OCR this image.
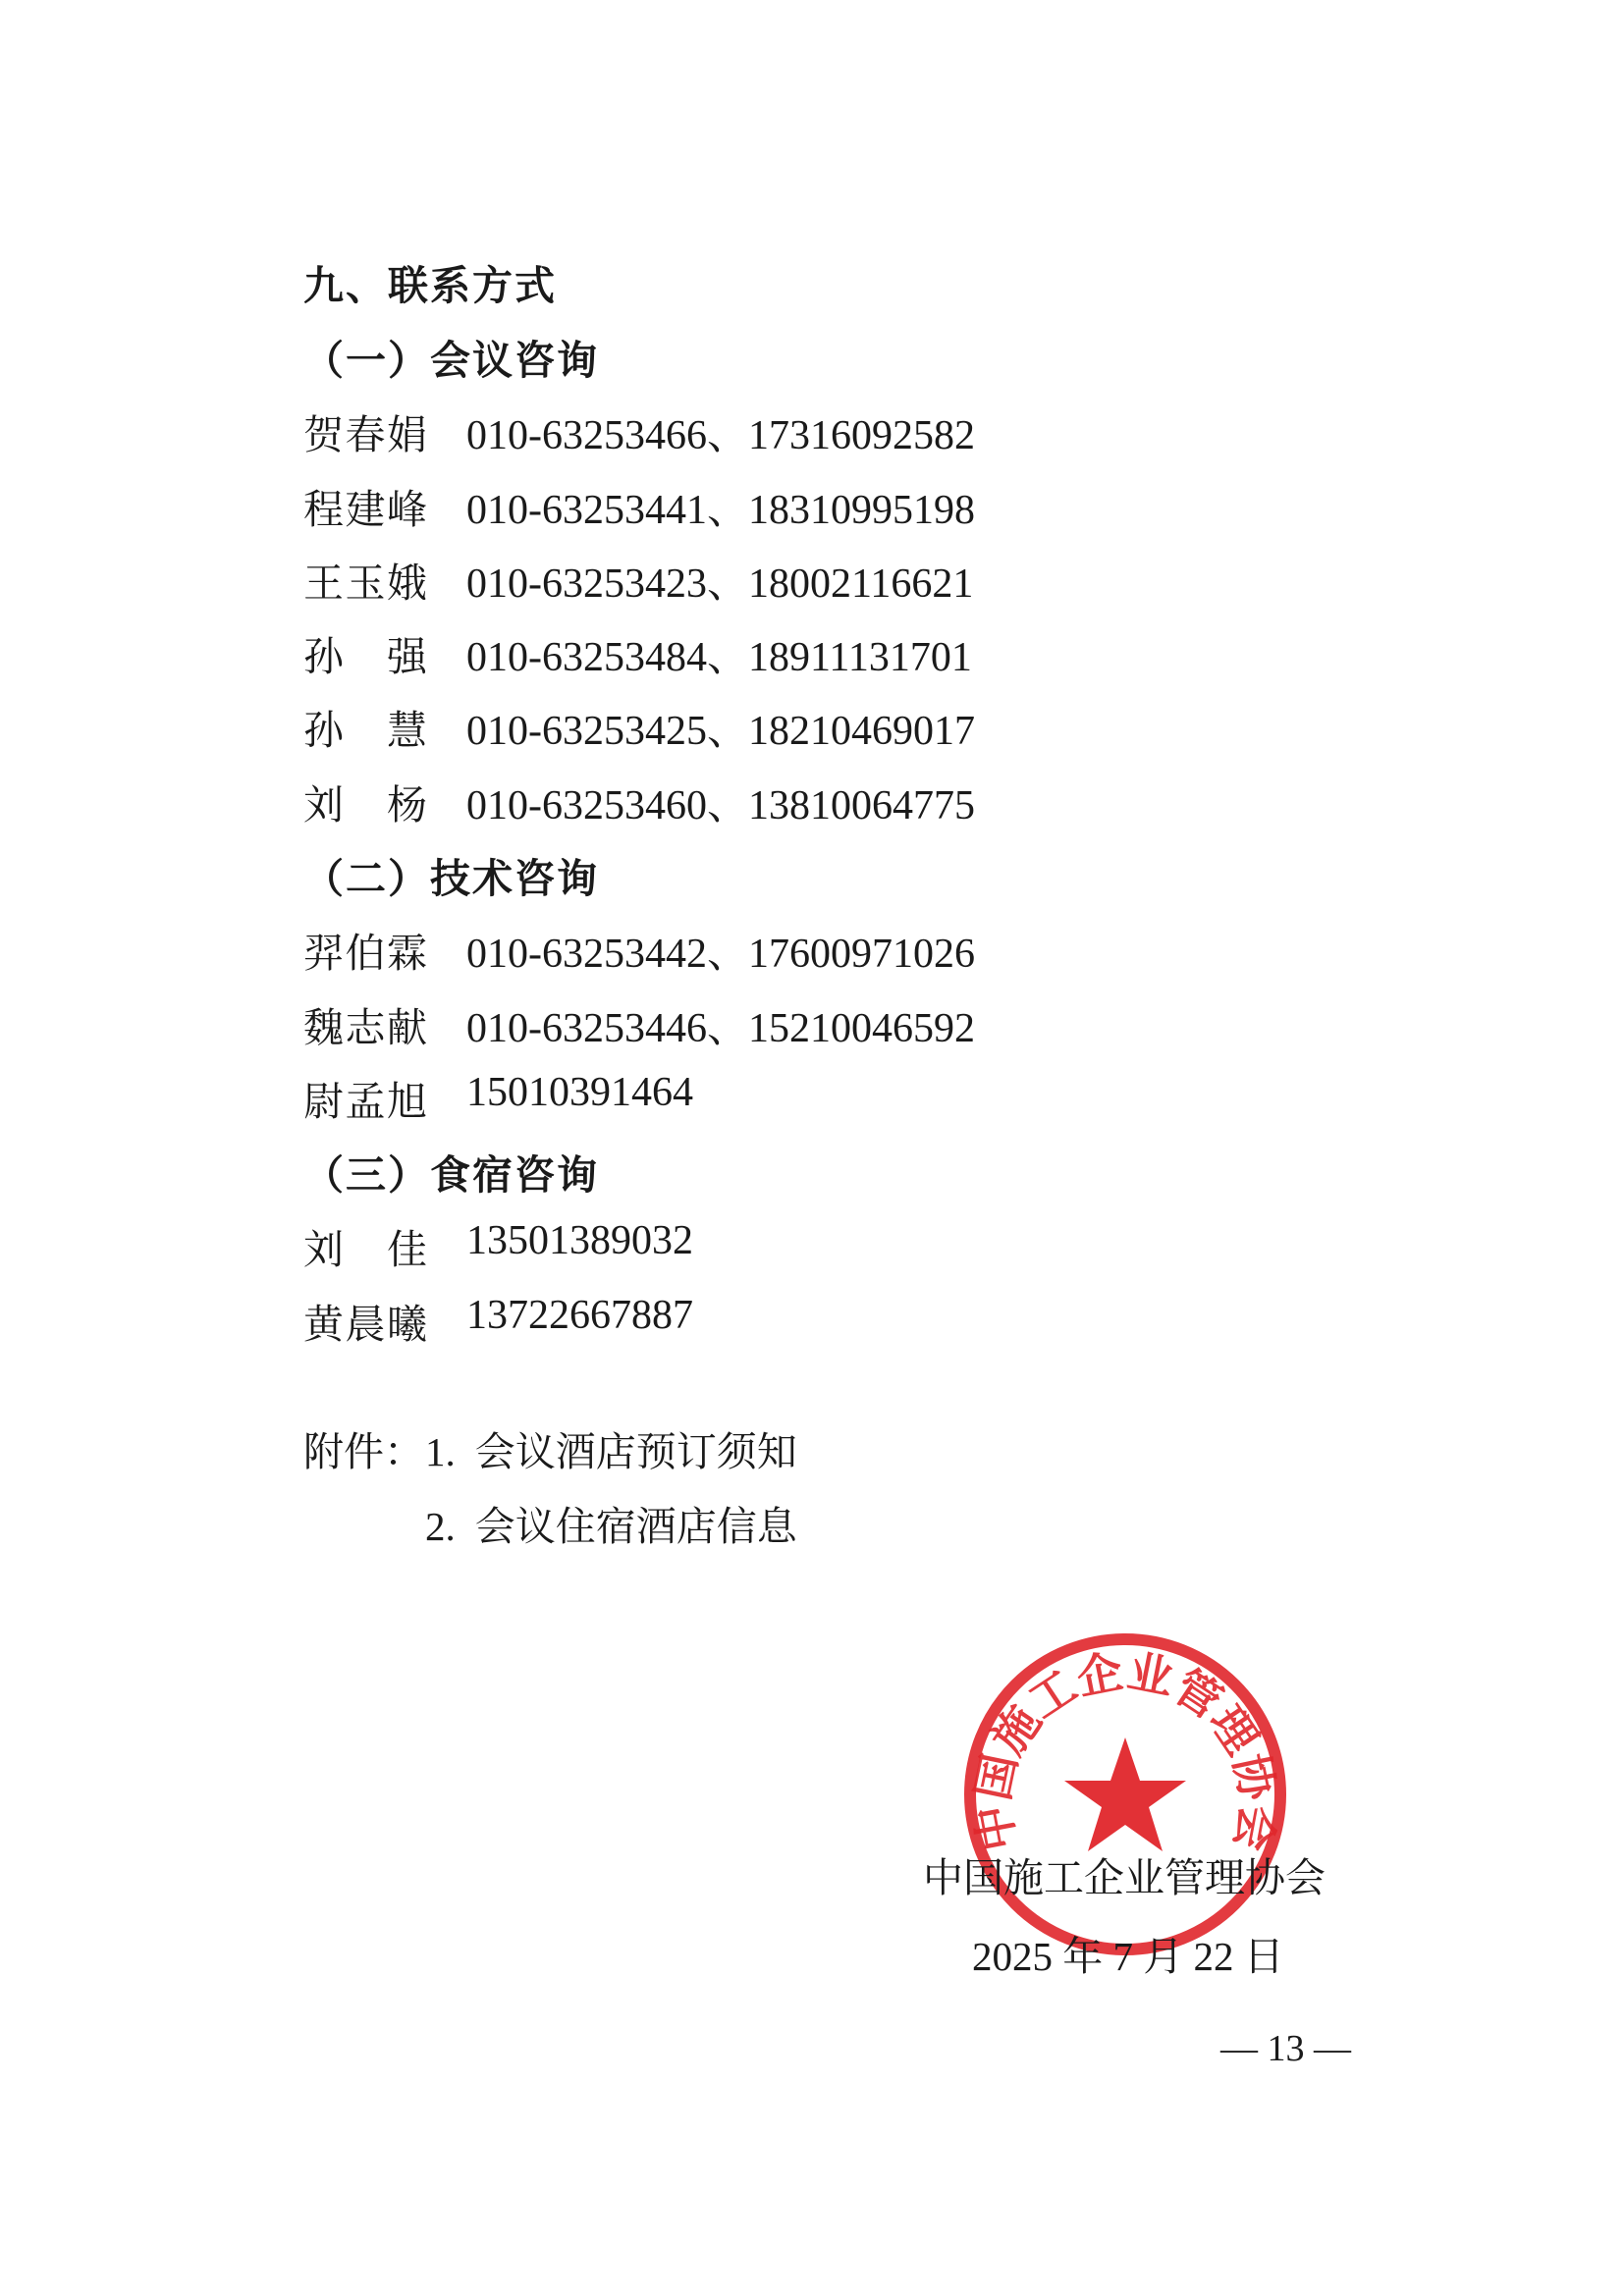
九、联系方式
（一）会议咨询
贺 春 娟 010-63253466、17316092582
程 建 峰 010-63253441、18310995198
王 玉 娥 010-63253423、18002116621
孙 强 010-63253484、18911131701
孙 慧 010-63253425、18210469017
刘 杨 010-63253460、13810064775
（二）技术咨询
羿 伯 霖 010-63253442、17600971026
魏 志 献 010-63253446、15210046592
尉 孟 旭 15010391464
（三）食宿咨询
刘 佳 13501389032
黄 晨 曦 13722667887
附件： 1. 会议酒店预订须知
2. 会议住宿酒店信息
中国施工企业管理协会
中国施工企业管理协会
2025 年 7 月 22 日
— 13 —
